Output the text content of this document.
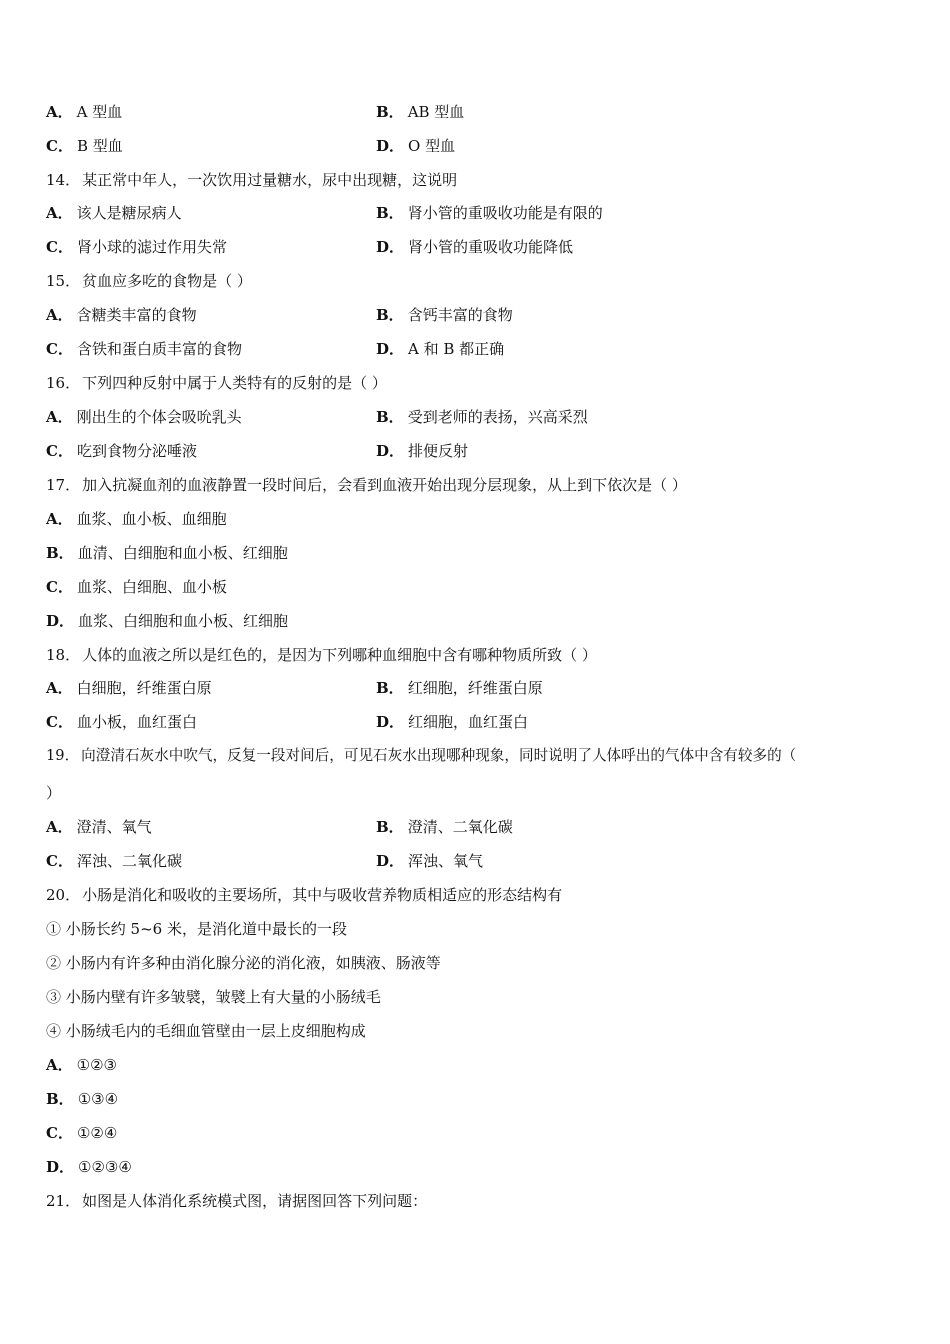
A． A 型血	B． AB 型血
C． B 型血	D． O 型血
14． 某正常中年人，一次饮用过量糖水，尿中出现糖，这说明
A． 该人是糖尿病人	B． 肾小管的重吸收功能是有限的
C． 肾小球的滤过作用失常	D． 肾小管的重吸收功能降低
15． 贫血应多吃的食物是（ ）
A． 含糖类丰富的食物	B． 含钙丰富的食物
C． 含铁和蛋白质丰富的食物	D． A 和 B 都正确
16． 下列四种反射中属于人类特有的反射的是（ ）
A． 刚出生的个体会吸吮乳头	B． 受到老师的表扬，兴高采烈
C． 吃到食物分泌唾液	D． 排便反射
17． 加入抗凝血剂的血液静置一段时间后，会看到血液开始出现分层现象，从上到下依次是（ ）
A． 血浆、血小板、血细胞
B． 血清、白细胞和血小板、红细胞
C． 血浆、白细胞、血小板
D． 血浆、白细胞和血小板、红细胞
18． 人体的血液之所以是红色的，是因为下列哪种血细胞中含有哪种物质所致（ ）
A． 白细胞，纤维蛋白原	B． 红细胞，纤维蛋白原
C． 血小板，血红蛋白	D． 红细胞，血红蛋白
19． 向澄清石灰水中吹气，反复一段对间后，可见石灰水出现哪种现象，同时说明了人体呼出的气体中含有较多的（
）
A． 澄清、氧气	B． 澄清、二氧化碳
C． 浑浊、二氧化碳	D． 浑浊、氧气
20． 小肠是消化和吸收的主要场所，其中与吸收营养物质相适应的形态结构有
① 小肠长约 5~6 米，是消化道中最长的一段
② 小肠内有许多种由消化腺分泌的消化液，如胰液、肠液等
③ 小肠内壁有许多皱襞，皱襞上有大量的小肠绒毛
④ 小肠绒毛内的毛细血管壁由一层上皮细胞构成
A． ①②③
B． ①③④
C． ①②④
D． ①②③④
21． 如图是人体消化系统模式图，请据图回答下列问题：
